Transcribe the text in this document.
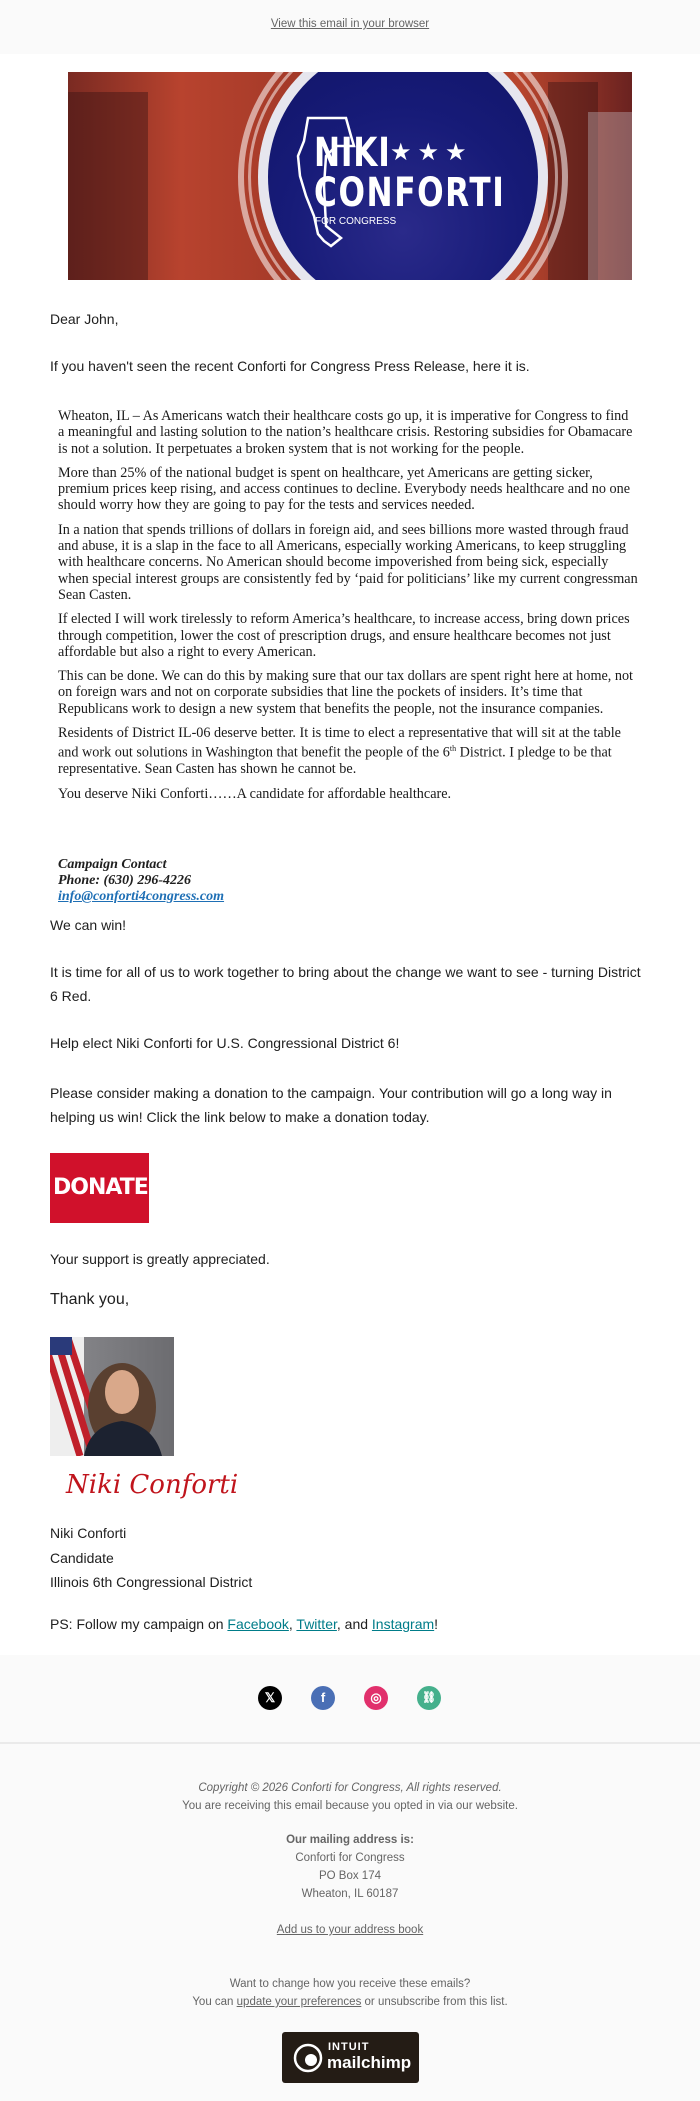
View this email in your browser
NIKI ★★★
CONFORTI
FOR CONGRESS
Dear John,
If you haven't seen the recent Conforti for Congress Press Release, here it is.

Wheaton, IL – As Americans watch their healthcare costs go up, it is imperative for Congress to find a meaningful and lasting solution to the nation’s healthcare crisis. Restoring subsidies for Obamacare is not a solution. It perpetuates a broken system that is not working for the people.

More than 25% of the national budget is spent on healthcare, yet Americans are getting sicker, premium prices keep rising, and access continues to decline. Everybody needs healthcare and no one should worry how they are going to pay for the tests and services needed.

In a nation that spends trillions of dollars in foreign aid, and sees billions more wasted through fraud and abuse, it is a slap in the face to all Americans, especially working Americans, to keep struggling with healthcare concerns. No American should become impoverished from being sick, especially when special interest groups are consistently fed by ‘paid for politicians’ like my current congressman Sean Casten.

If elected I will work tirelessly to reform America’s healthcare, to increase access, bring down prices through competition, lower the cost of prescription drugs, and ensure healthcare becomes not just affordable but also a right to every American.

This can be done. We can do this by making sure that our tax dollars are spent right here at home, not on foreign wars and not on corporate subsidies that line the pockets of insiders. It’s time that Republicans work to design a new system that benefits the people, not the insurance companies.

Residents of District IL-06 deserve better. It is time to elect a representative that will sit at the table and work out solutions in Washington that benefit the people of the 6th District. I pledge to be that representative. Sean Casten has shown he cannot be.

You deserve Niki Conforti……A candidate for affordable healthcare.

Campaign Contact
Phone: (630) 296-4226
info@conforti4congress.com
We can win!
It is time for all of us to work together to bring about the change we want to see - turning District 6 Red.
Help elect Niki Conforti for U.S. Congressional District 6!
Please consider making a donation to the campaign. Your contribution will go a long way in helping us win! Click the link below to make a donation today.
DONATE
Your support is greatly appreciated.
Thank you,
Niki Conforti
Niki Conforti
Candidate
Illinois 6th Congressional District
PS: Follow my campaign on Facebook, Twitter, and Instagram!
𝕏	f	◎	⛓
Copyright © 2026 Conforti for Congress, All rights reserved.
You are receiving this email because you opted in via our website.
Our mailing address is:
Conforti for Congress
PO Box 174
Wheaton, IL 60187
Add us to your address book
Want to change how you receive these emails?
You can update your preferences or unsubscribe from this list.
INTUIT
mailchimp
